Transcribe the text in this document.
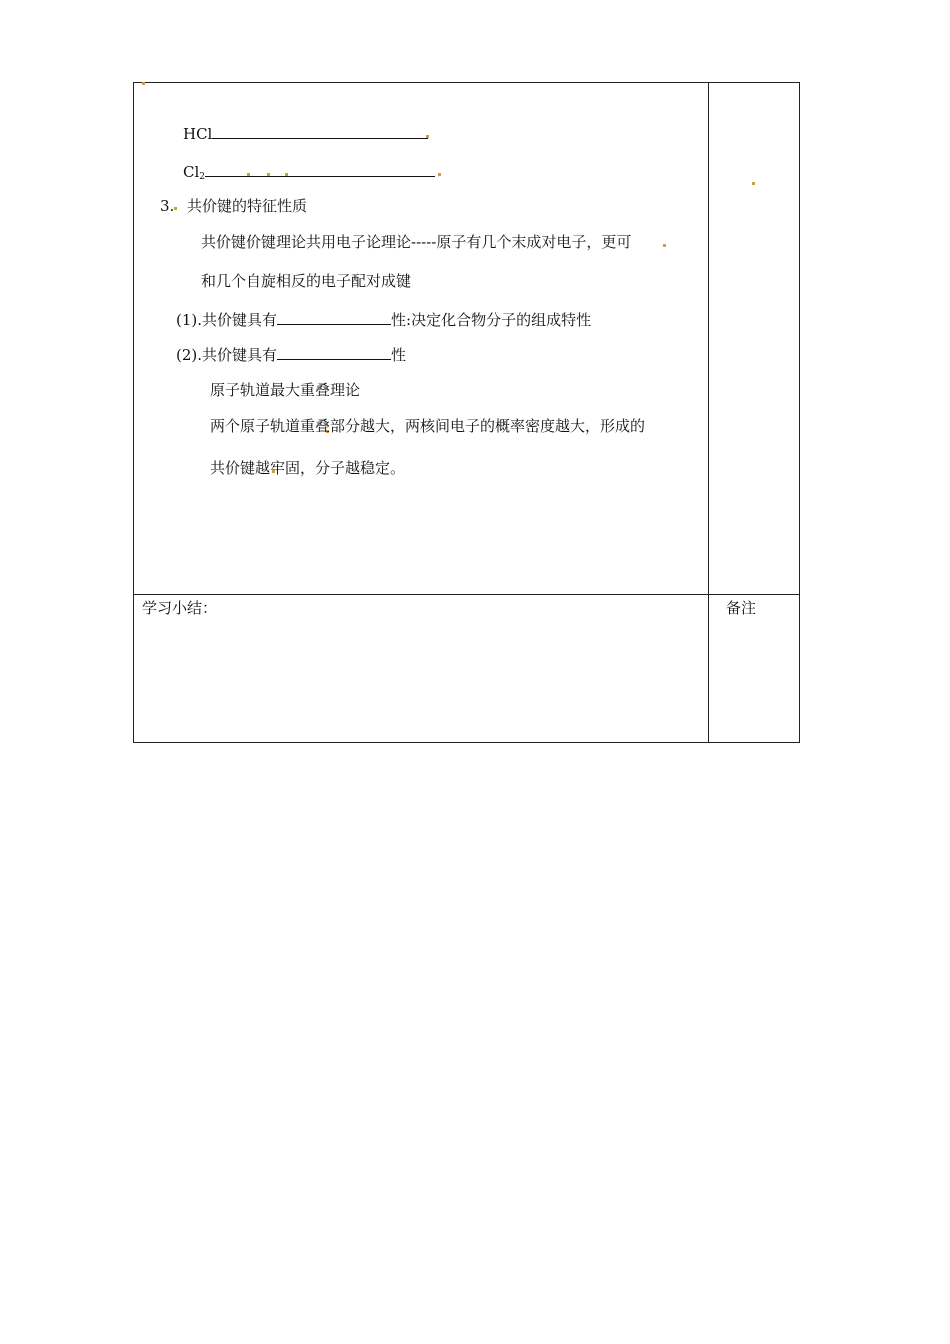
HCl
$Cl_2$
3. 共价键的特征性质
共价键价键理论共用电子论理论-----原子有几个末成对电子，更可
和几个自旋相反的电子配对成键
(1).共价键具有	性:决定化合物分子的组成特性
(2).共价键具有	性
原子轨道最大重叠理论
两个原子轨道重叠部分越大，两核间电子的概率密度越大，形成的
共价键越牢固，分子越稳定。
学习小结：	备注
